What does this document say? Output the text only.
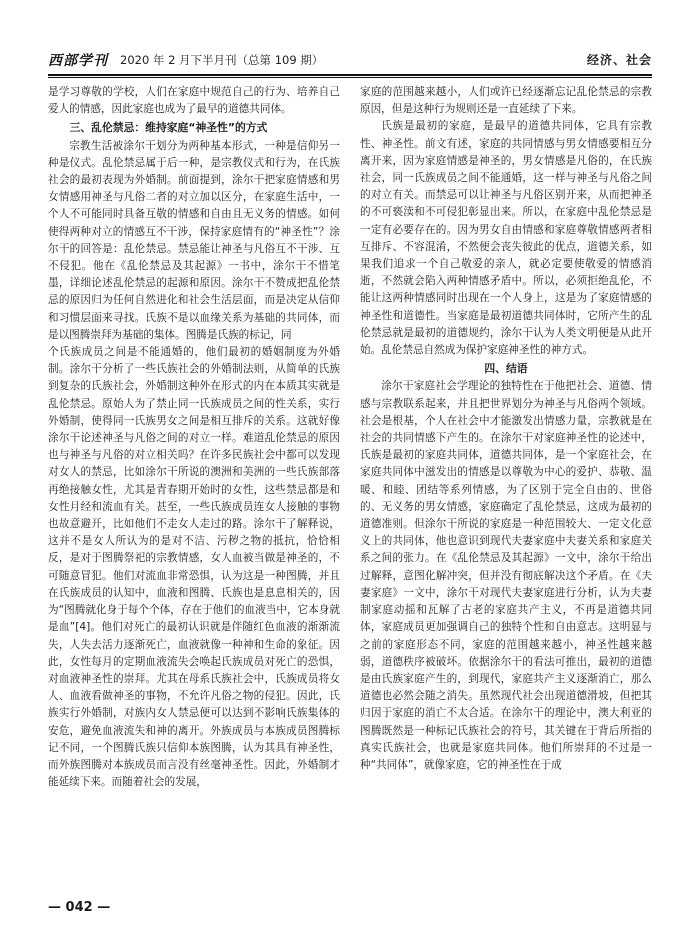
西部学刊 2020 年 2 月下半月刊（总第 109 期）	经济、社会

是学习尊敬的学校，人们在家庭中规范自己的行为、培养自己爱人的情感，因此家庭也成为了最早的道德共同体。

三、乱伦禁忌：维持家庭“神圣性”的方式

宗教生活被涂尔干划分为两种基本形式，一种是信仰另一种是仪式。乱伦禁忌属于后一种，是宗教仪式和行为，在氏族社会的最初表现为外婚制。前面提到，涂尔干把家庭情感和男女情感用神圣与凡俗二者的对立加以区分，在家庭生活中，一个人不可能同时具备互敬的情感和自由且无义务的情感。如何使得两种对立的情感互不干涉，保持家庭情有的“神圣性”？涂尔干的回答是：乱伦禁忌。禁忌能让神圣与凡俗互不干涉、互不侵犯。他在《乱伦禁忌及其起源》一书中，涂尔干不惜笔墨，详细论述乱伦禁忌的起源和原因。涂尔干不赞成把乱伦禁忌的原因归为任何自然进化和社会生活层面，而是决定从信仰和习惯层面来寻找。氏族不是以血缘关系为基础的共同体，而是以图腾崇拜为基础的集体。图腾是氏族的标记，同

个氏族成员之间是不能通婚的，他们最初的婚姻制度为外婚制。涂尔干分析了一些氏族社会的外婚制法则，从简单的氏族到复杂的氏族社会，外婚制这种外在形式的内在本质其实就是乱伦禁忌。原始人为了禁止同一氏族成员之间的性关系，实行外婚制，使得同一氏族男女之间是相互排斥的关系。这就好像涂尔干论述神圣与凡俗之间的对立一样。难道乱伦禁忌的原因也与神圣与凡俗的对立相关吗？在许多民族社会中都可以发现对女人的禁忌，比如涂尔干所说的澳洲和美洲的一些氏族部落再绝接触女性，尤其是青春期开始时的女性，这些禁忌都是和女性月经和流血有关。甚至，一些氏族成员连女人接触的事物也故意避开，比如他们不走女人走过的路。涂尔干了解释说，这并不是女人所认为的是对不洁、污秽之物的抵抗，恰恰相反，是对于图腾祭祀的宗教情感，女人血被当做是神圣的，不可随意冒犯。他们对流血非常恐惧，认为这是一种图腾，并且在氏族成员的认知中，血液和图腾、氏族也是息息相关的，因为“图腾就化身于每个个体，存在于他们的血液当中，它本身就是血”[4]。他们对死亡的最初认识就是伴随红色血液的渐渐流失，人失去活力逐渐死亡，血液就像一种神和生命的象征。因此，女性每月的定期血液流失会唤起氏族成员对死亡的恐惧，对血液神圣性的崇拜。尤其在母系氏族社会中，氏族成员将女人、血液看做神圣的事物，不允许凡俗之物的侵犯。因此，氏族实行外婚制，对族内女人禁忌便可以达到不影响氏族集体的安危，避免血液流失和神的离开。外族成员与本族成员图腾标记不同，一个图腾氏族只信仰本族图腾，认为其具有神圣性，而外族图腾对本族成员而言没有丝毫神圣性。因此，外婚制才能延续下来。而随着社会的发展，

家庭的范围越来越小，人们或许已经逐渐忘记乱伦禁忌的宗教原因，但是这种行为规则还是一直延续了下来。

氏族是最初的家庭，是最早的道德共同体，它具有宗教性、神圣性。前文有述，家庭的共同情感与男女情感要相互分离开来，因为家庭情感是神圣的，男女情感是凡俗的，在氏族社会，同一氏族成员之间不能通婚，这一样与神圣与凡俗之间的对立有关。而禁忌可以让神圣与凡俗区别开来，从而把神圣的不可亵渎和不可侵犯彰显出来。所以，在家庭中乱伦禁忌是一定有必要存在的。因为男女自由情感和家庭尊敬情感两者相互排斥、不容混淆，不然便会丧失彼此的优点，道德关系，如果我们追求一个自己敬爱的亲人，就必定要使敬爱的情感消逝，不然就会陷入两种情感矛盾中。所以，必须拒绝乱伦，不能让这两种情感同时出现在一个人身上，这是为了家庭情感的神圣性和道德性。当家庭是最初道德共同体时，它所产生的乱伦禁忌就是最初的道德规约，涂尔干认为人类文明便是从此开始。乱伦禁忌自然成为保护家庭神圣性的神方式。

四、结语

涂尔干家庭社会学理论的独特性在于他把社会、道德、情感与宗教联系起来，并且把世界划分为神圣与凡俗两个领域。社会是根基，个人在社会中才能激发出情感力量，宗教就是在社会的共同情感下产生的。在涂尔干对家庭神圣性的论述中，氏族是最初的家庭共同体，道德共同体，是一个家庭社会，在家庭共同体中滋发出的情感是以尊敬为中心的爱护、恭敬、温暖、和睦、团结等系列情感，为了区别于完全自由的、世俗的、无义务的男女情感，家庭确定了乱伦禁忌，这成为最初的道德准则。但涂尔干所说的家庭是一种范围较大、一定文化意义上的共同体，他也意识到现代夫妻家庭中夫妻关系和家庭关系之间的张力。在《乱伦禁忌及其起源》一文中，涂尔干给出过解释，意图化解冲突，但并没有彻底解决这个矛盾。在《夫妻家庭》一文中，涂尔干对现代夫妻家庭进行分析，认为夫妻制家庭动摇和瓦解了古老的家庭共产主义，不再是道德共同体，家庭成员更加强调自己的独特个性和自由意志。这明显与之前的家庭形态不同，家庭的范围越来越小，神圣性越来越弱，道德秩序被破坏。依据涂尔干的看法可推出，最初的道德是由氏族家庭产生的，到现代，家庭共产主义逐渐消亡，那么道德也必然会随之消失。虽然现代社会出现道德滑坡，但把其归因于家庭的消亡不太合适。在涂尔干的理论中，澳大利亚的图腾既然是一种标记氏族社会的符号，其关键在于背后所指的真实氏族社会，也就是家庭共同体。他们所崇拜的不过是一种“共同体”，就像家庭，它的神圣性在于成

— 042 —
